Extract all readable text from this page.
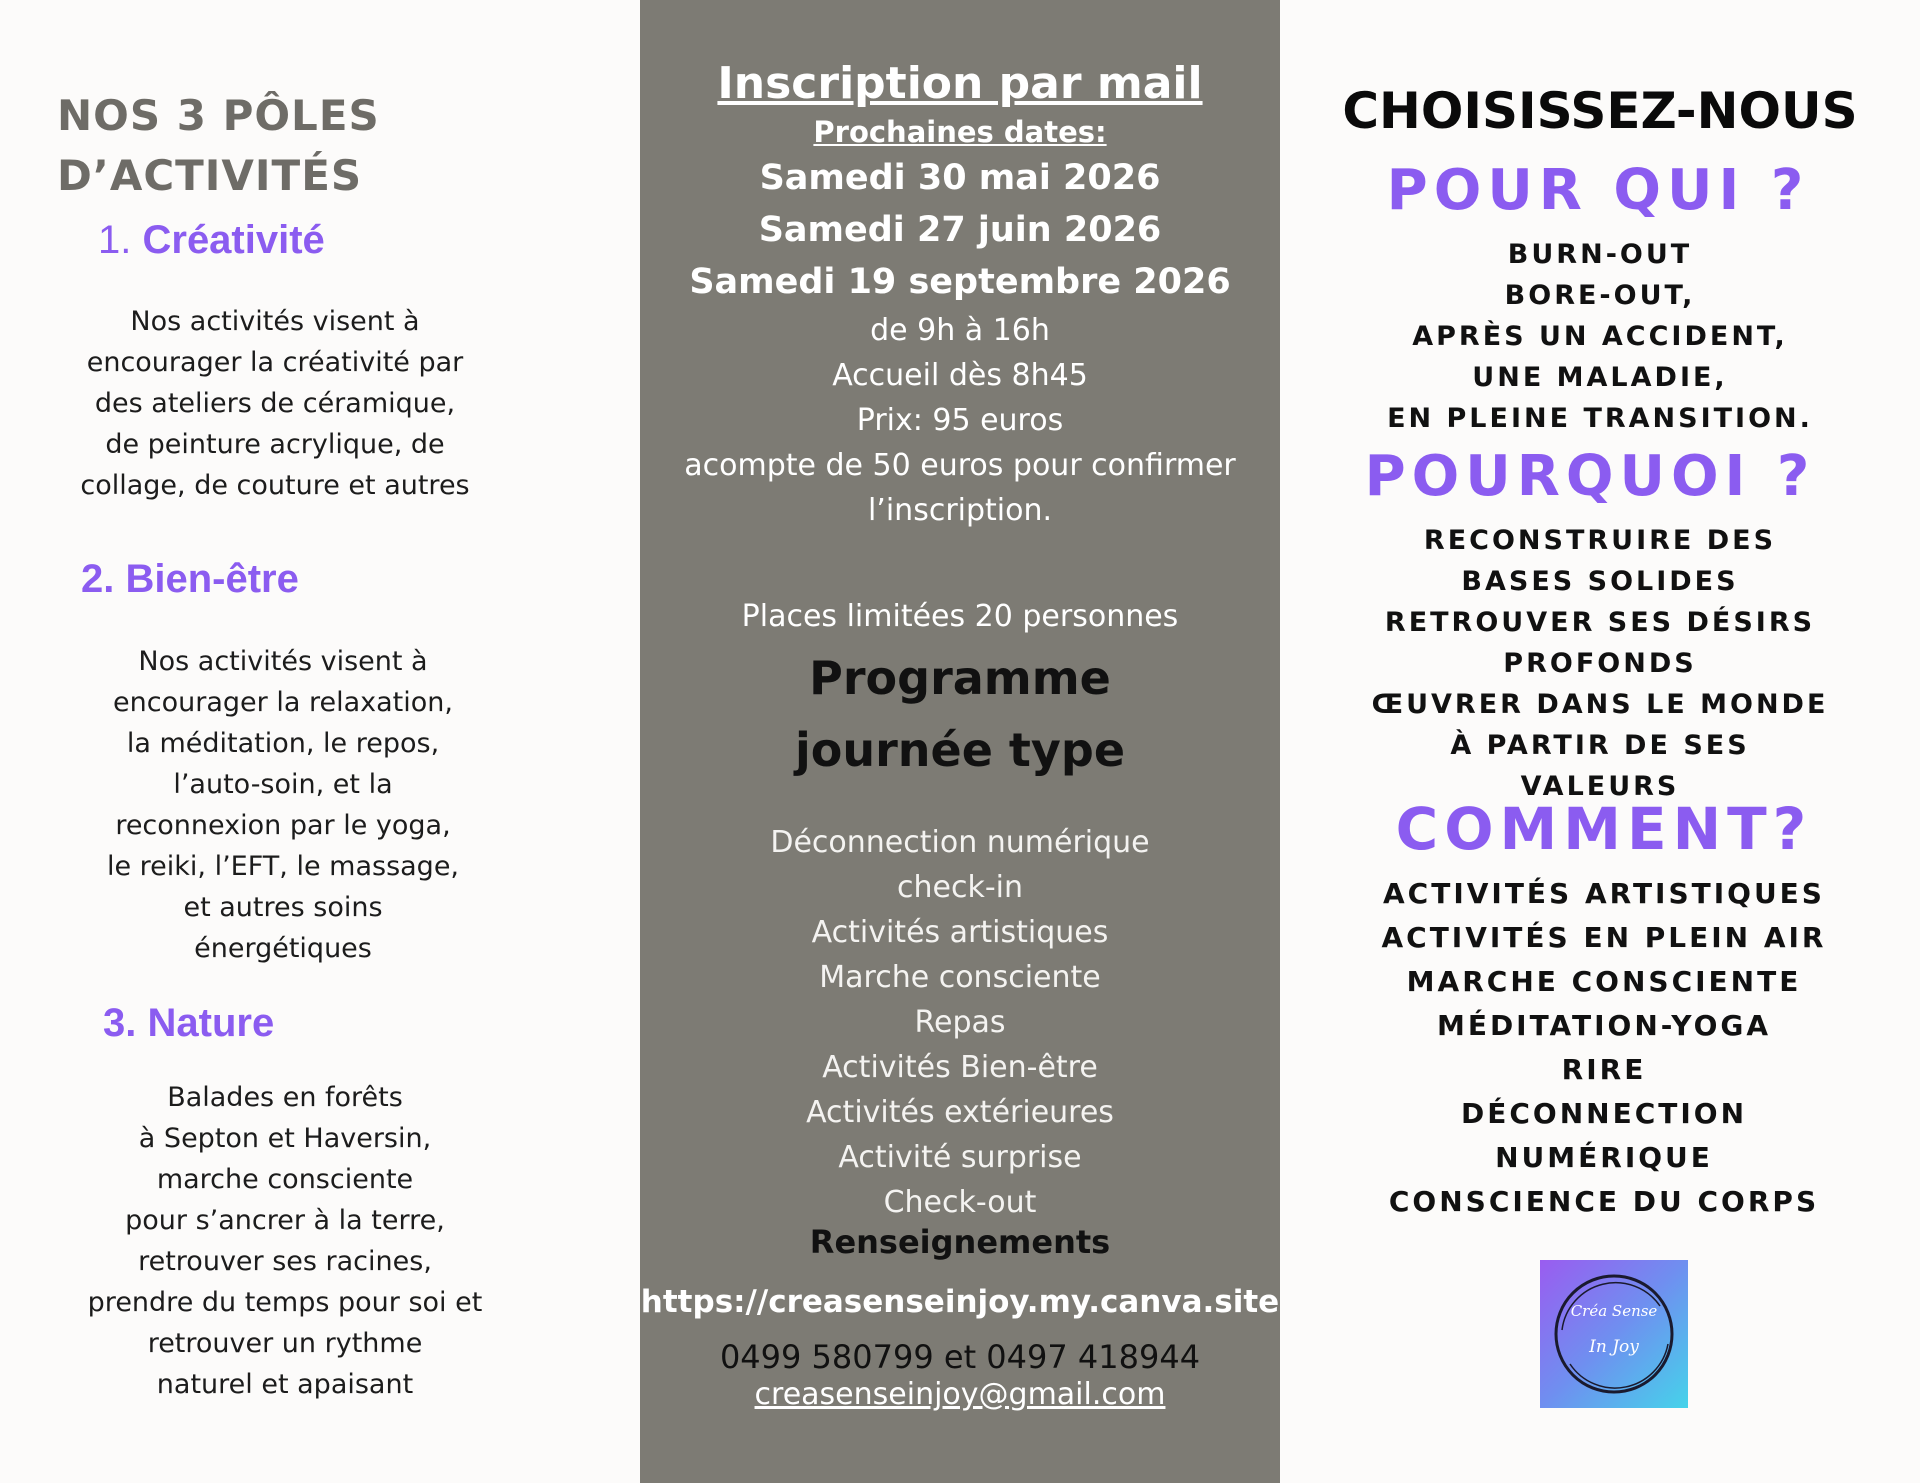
NOS 3 PÔLES
D’ACTIVITÉS
1. Créativité
Nos activités visent à
encourager la créativité par
des ateliers de céramique,
de peinture acrylique, de
collage, de couture et autres
2. Bien-être
Nos activités visent à
encourager la relaxation,
la méditation, le repos,
l’auto-soin, et la
reconnexion par le yoga,
le reiki, l’EFT, le massage,
et autres soins
énergétiques
3. Nature
Balades en forêts
à Septon et Haversin,
marche consciente
pour s’ancrer à la terre,
retrouver ses racines,
prendre du temps pour soi et
retrouver un rythme
naturel et apaisant
Inscription par mail
Prochaines dates:
Samedi 30 mai 2026
Samedi 27 juin 2026
Samedi 19 septembre 2026
de 9h à 16h
Accueil dès 8h45
Prix: 95 euros
acompte de 50 euros pour confirmer
l’inscription.
Places limitées 20 personnes
Programme
journée type
Déconnection numérique
check-in
Activités artistiques
Marche consciente
Repas
Activités Bien-être
Activités extérieures
Activité surprise
Check-out
Renseignements
https://creasenseinjoy.my.canva.site
0499 580799 et 0497 418944
creasenseinjoy@gmail.com
CHOISISSEZ-NOUS
POUR QUI ?
BURN-OUT
BORE-OUT,
APRÈS UN ACCIDENT,
UNE MALADIE,
EN PLEINE TRANSITION.
POURQUOI ?
RECONSTRUIRE DES
BASES SOLIDES
RETROUVER SES DÉSIRS
PROFONDS
ŒUVRER DANS LE MONDE
À PARTIR DE SES
VALEURS
COMMENT?
ACTIVITÉS ARTISTIQUES
ACTIVITÉS EN PLEIN AIR
MARCHE CONSCIENTE
MÉDITATION-YOGA
RIRE
DÉCONNECTION
NUMÉRIQUE
CONSCIENCE DU CORPS
Créa Sense
In Joy
